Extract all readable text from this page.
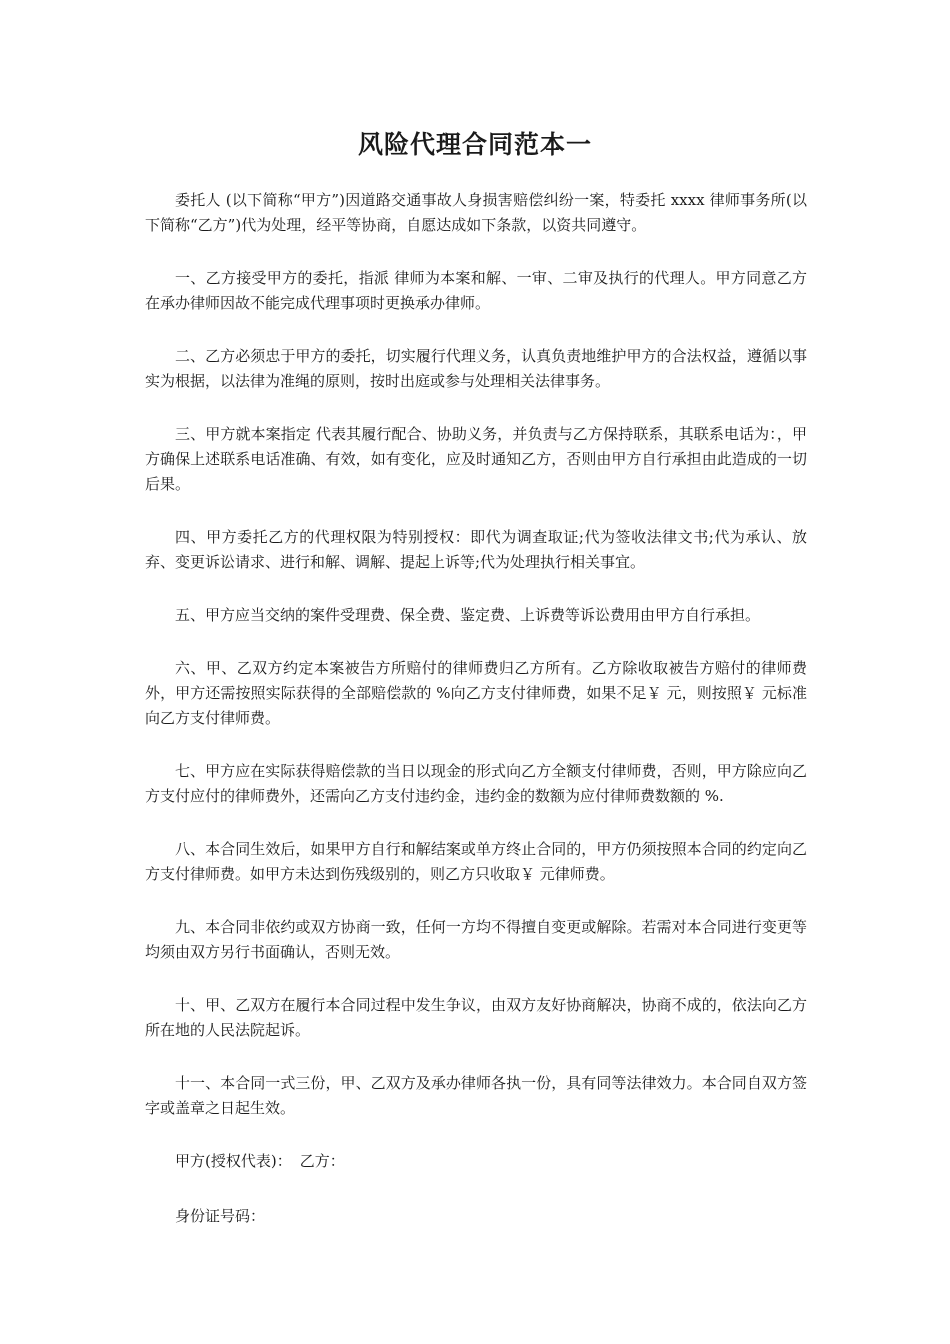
风险代理合同范本一

委托人 (以下简称“甲方”)因道路交通事故人身损害赔偿纠纷一案，特委托 xxxx 律师事务所(以下简称“乙方”)代为处理，经平等协商，自愿达成如下条款，以资共同遵守。

一、乙方接受甲方的委托，指派 律师为本案和解、一审、二审及执行的代理人。甲方同意乙方在承办律师因故不能完成代理事项时更换承办律师。

二、乙方必须忠于甲方的委托，切实履行代理义务，认真负责地维护甲方的合法权益，遵循以事实为根据，以法律为准绳的原则，按时出庭或参与处理相关法律事务。

三、甲方就本案指定 代表其履行配合、协助义务，并负责与乙方保持联系，其联系电话为：，甲方确保上述联系电话准确、有效，如有变化，应及时通知乙方，否则由甲方自行承担由此造成的一切后果。

四、甲方委托乙方的代理权限为特别授权：即代为调查取证;代为签收法律文书;代为承认、放弃、变更诉讼请求、进行和解、调解、提起上诉等;代为处理执行相关事宜。

五、甲方应当交纳的案件受理费、保全费、鉴定费、上诉费等诉讼费用由甲方自行承担。

六、甲、乙双方约定本案被告方所赔付的律师费归乙方所有。乙方除收取被告方赔付的律师费外，甲方还需按照实际获得的全部赔偿款的 %向乙方支付律师费，如果不足￥ 元，则按照￥ 元标准向乙方支付律师费。

七、甲方应在实际获得赔偿款的当日以现金的形式向乙方全额支付律师费，否则，甲方除应向乙方支付应付的律师费外，还需向乙方支付违约金，违约金的数额为应付律师费数额的 %.

八、本合同生效后，如果甲方自行和解结案或单方终止合同的，甲方仍须按照本合同的约定向乙方支付律师费。如甲方未达到伤残级别的，则乙方只收取￥ 元律师费。

九、本合同非依约或双方协商一致，任何一方均不得擅自变更或解除。若需对本合同进行变更等均须由双方另行书面确认，否则无效。

十、甲、乙双方在履行本合同过程中发生争议，由双方友好协商解决，协商不成的，依法向乙方所在地的人民法院起诉。

十一、本合同一式三份，甲、乙双方及承办律师各执一份，具有同等法律效力。本合同自双方签字或盖章之日起生效。

甲方(授权代表)： 乙方：

身份证号码：
